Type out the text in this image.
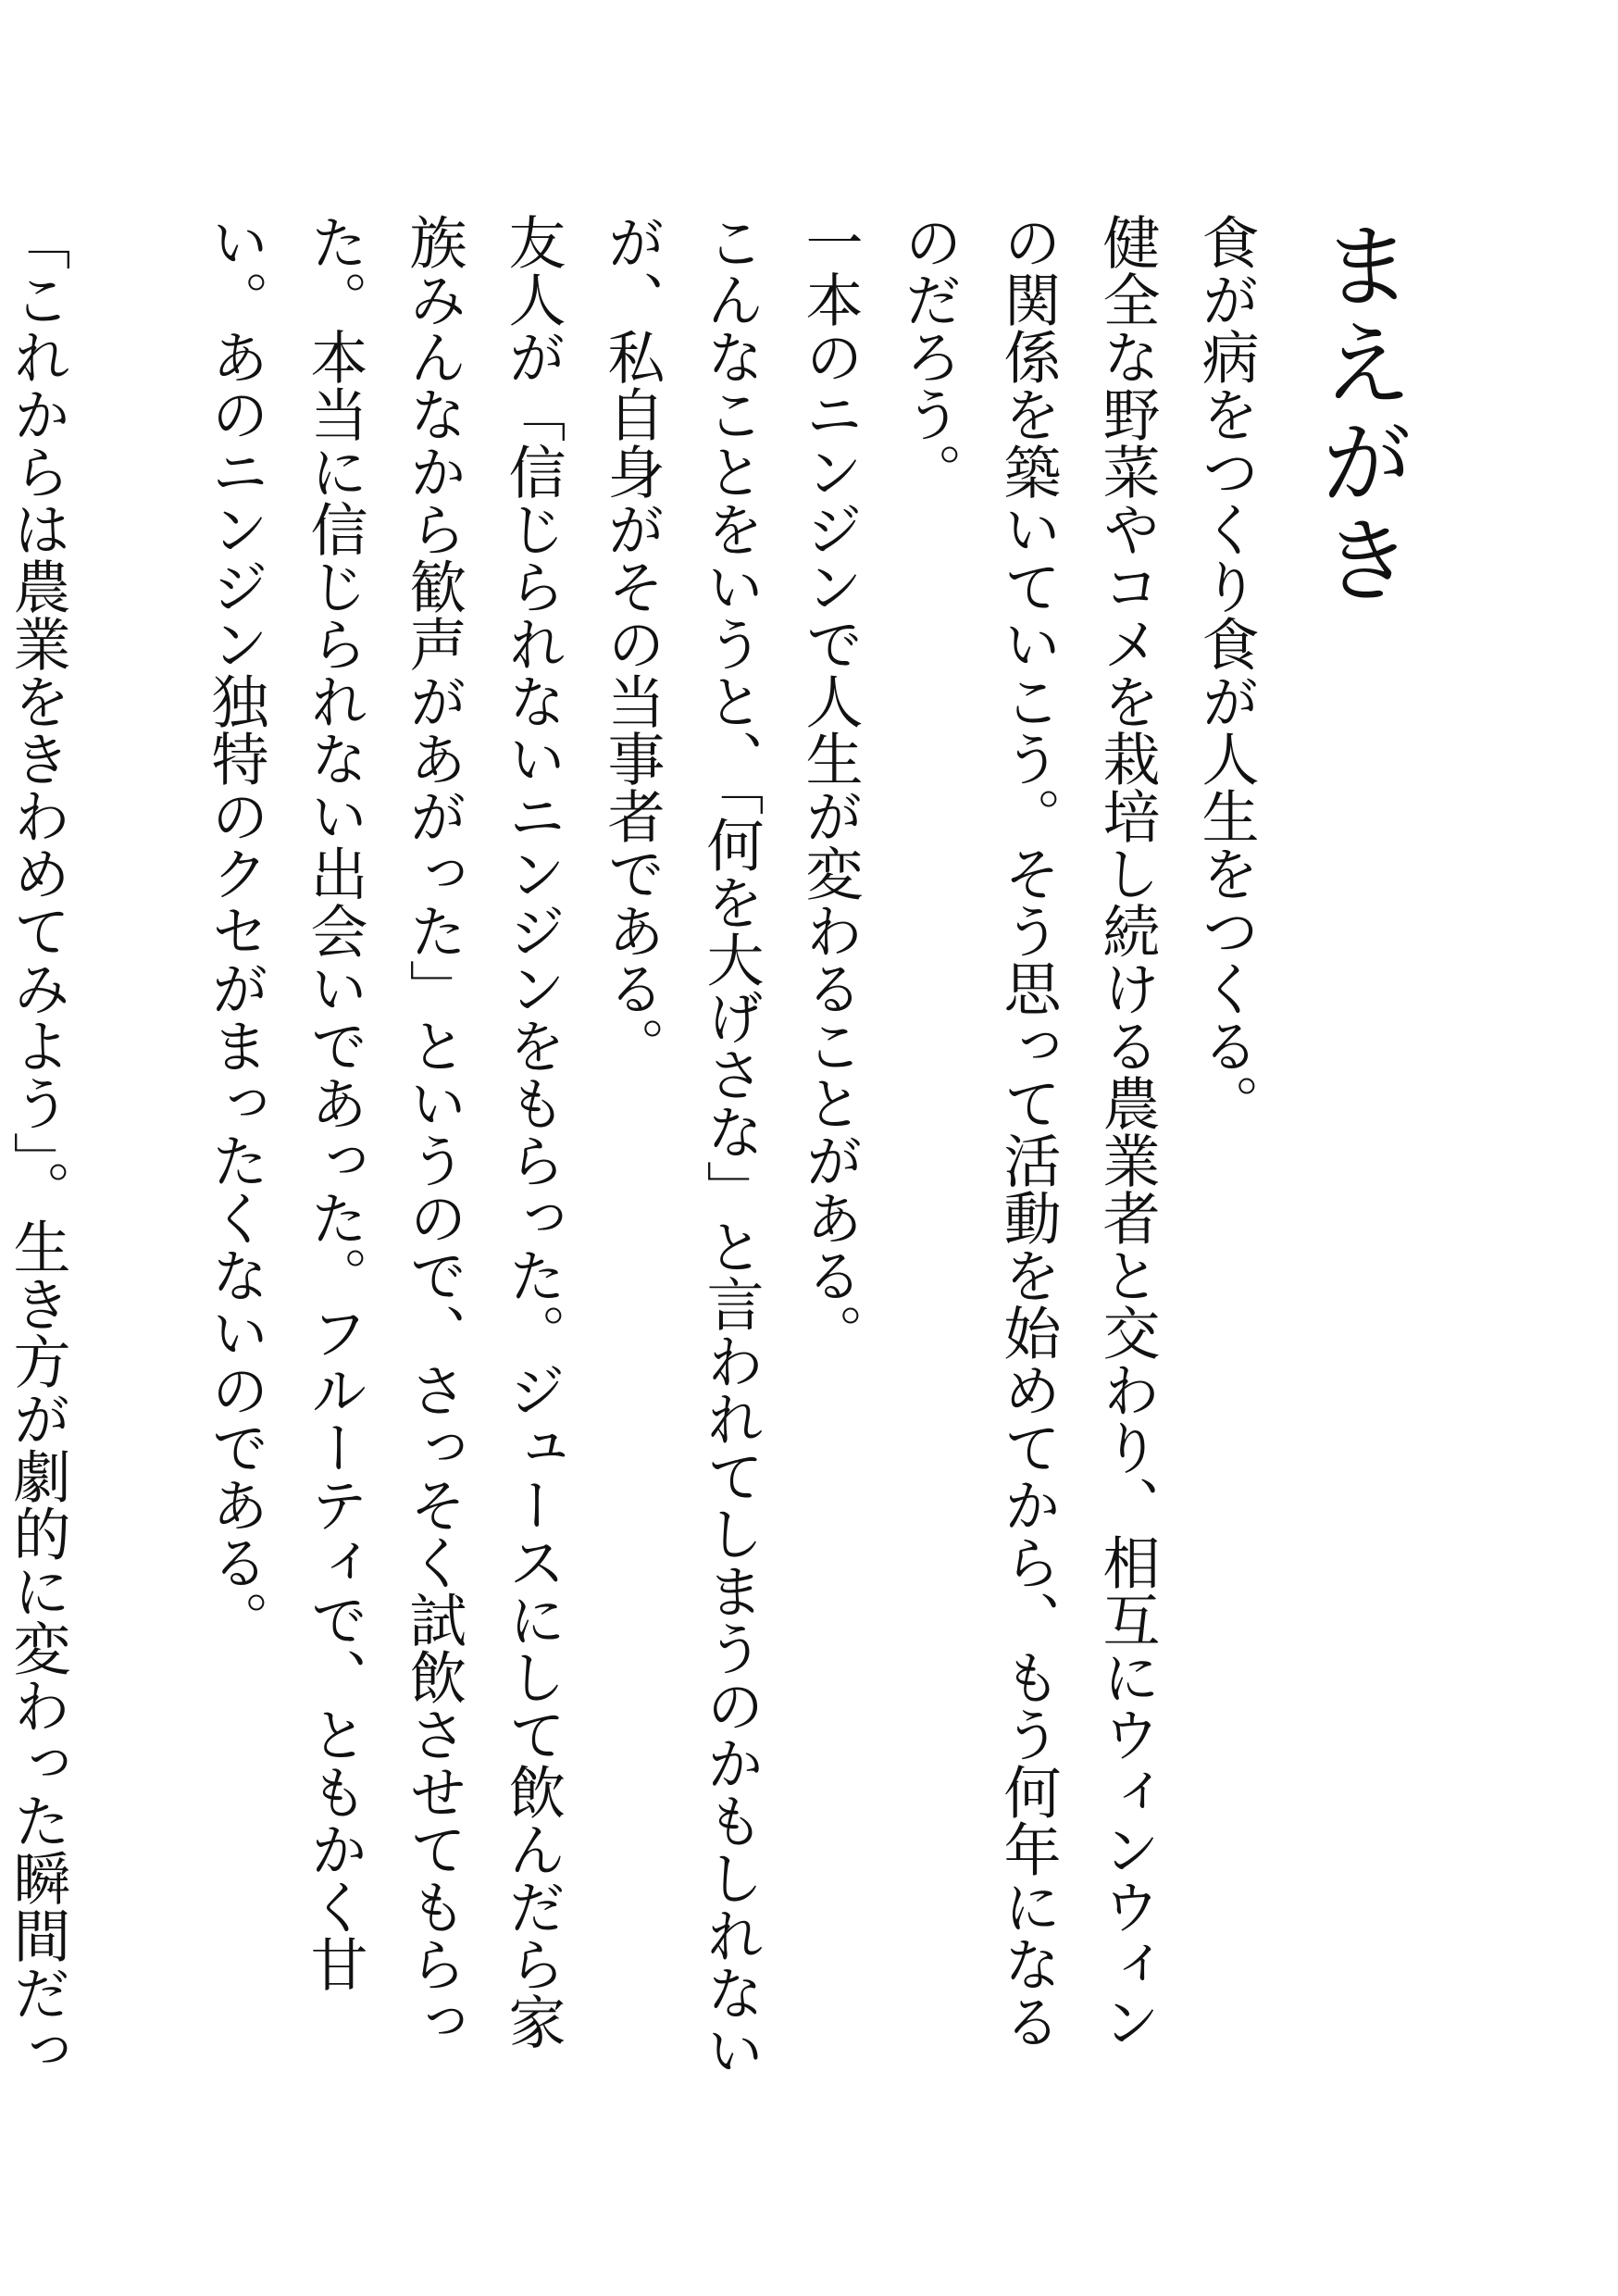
まえがき

食が病をつくり食が人生をつくる。

健全な野菜やコメを栽培し続ける農業者と交わり、相互にウィンウィンの関係を築いていこう。そう思って活動を始めてから、もう何年になるのだろう。

一本のニンジンで人生が変わることがある。

こんなことをいうと、「何を大げさな」と言われてしまうのかもしれないが、私自身がその当事者である。

友人が「信じられないニンジンをもらった。ジュースにして飲んだら家族みんなから歓声があがった」というので、さっそく試飲させてもらった。本当に信じられない出会いであった。フルーティで、ともかく甘い。あのニンジン独特のクセがまったくないのである。

「これからは農業をきわめてみよう」。生き方が劇的に変わった瞬間だっ
